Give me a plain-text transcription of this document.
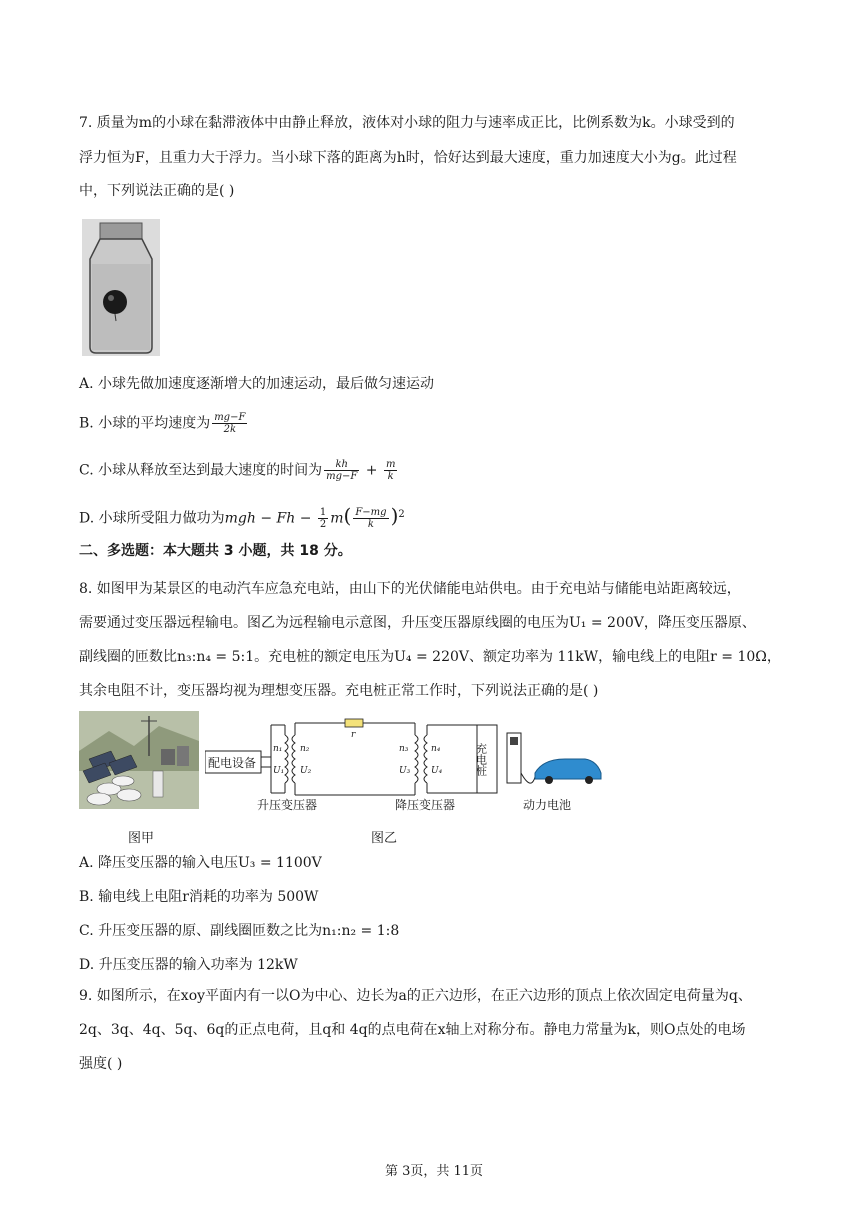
7. 质量为m的小球在黏滞液体中由静止释放，液体对小球的阻力与速率成正比，比例系数为k。小球受到的
浮力恒为F，且重力大于浮力。当小球下落的距离为h时，恰好达到最大速度，重力加速度大小为g。此过程
中，下列说法正确的是( )
A. 小球先做加速度逐渐增大的加速运动，最后做匀速运动
B. 小球的平均速度为 $\frac{mg-F}{2k}$
C. 小球从释放至达到最大速度的时间为 $\frac{kh}{mg-F} + \frac{m}{k}$
D. 小球所受阻力做功为mgh − $Fh - \frac{1}{2} m( \frac{F-mg}{k} )^2$
二、多选题：本大题共 3 小题，共 18 分。
8. 如图甲为某景区的电动汽车应急充电站，由山下的光伏储能电站供电。由于充电站与储能电站距离较远，
需要通过变压器远程输电。图乙为远程输电示意图，升压变压器原线圈的电压为U₁ = 200V，降压变压器原、
副线圈的匝数比n₃:n₄ = 5:1。充电桩的额定电压为U₄ = 220V、额定功率为 11kW，输电线上的电阻r = 10Ω，
其余电阻不计，变压器均视为理想变压器。充电桩正常工作时，下列说法正确的是( )
配电设备
n₁
U₁
n₂
U₂
r
n₃
U₃
n₄
U₄	充电桩
升压变压器	降压变压器	动力电池
图甲	图乙
A. 降压变压器的输入电压U₃ = 1100V
B. 输电线上电阻r消耗的功率为 500W
C. 升压变压器的原、副线圈匝数之比为n₁:n₂ = 1:8
D. 升压变压器的输入功率为 12kW
9. 如图所示，在xoy平面内有一以O为中心、边长为a的正六边形，在正六边形的顶点上依次固定电荷量为q、
2q、3q、4q、5q、6q的正点电荷，且q和 4q的点电荷在x轴上对称分布。静电力常量为k，则O点处的电场
强度( )
第 3页，共 11页
